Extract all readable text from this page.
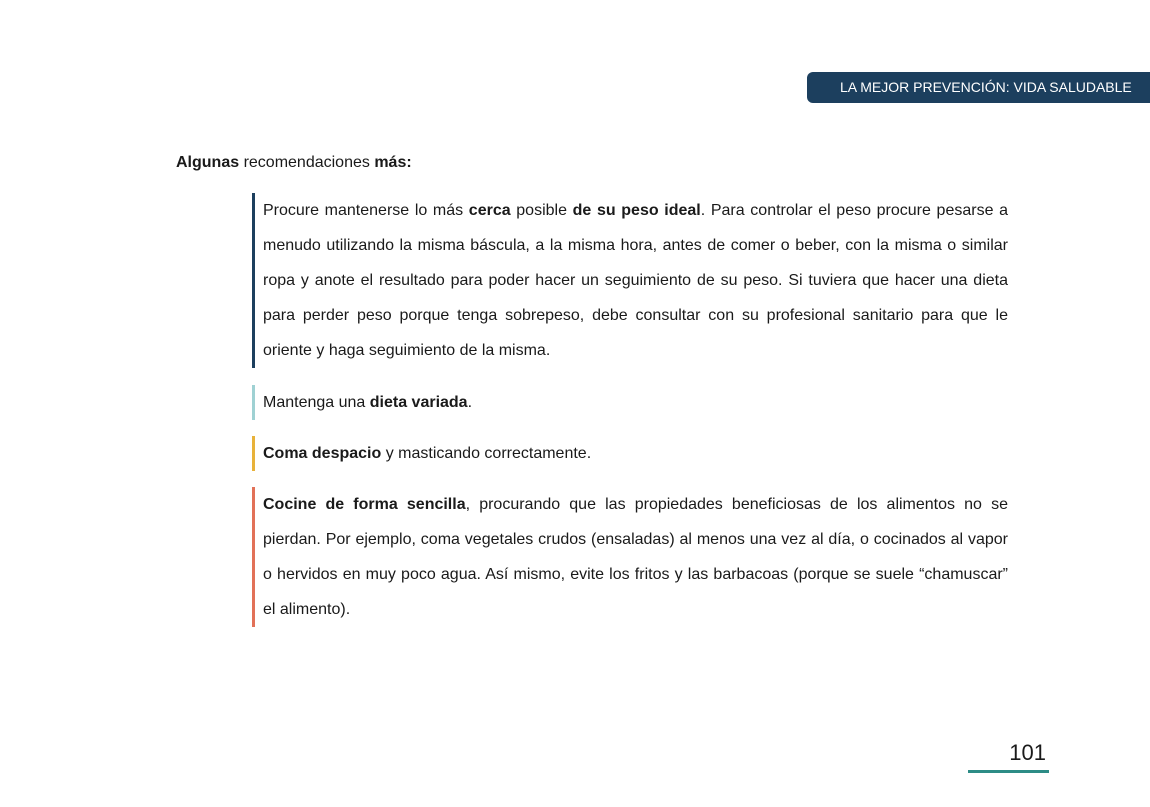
LA MEJOR PREVENCIÓN: VIDA SALUDABLE
Algunas recomendaciones más:

Procure mantenerse lo más cerca posible de su peso ideal. Para controlar el peso procure pesarse a menudo utilizando la misma báscula, a la misma hora, antes de comer o beber, con la misma o similar ropa y anote el resultado para poder hacer un seguimiento de su peso. Si tuviera que hacer una dieta para perder peso porque tenga sobrepeso, debe consultar con su profesional sanitario para que le oriente y haga seguimiento de la misma.

Mantenga una dieta variada.

Coma despacio y masticando correctamente.

Cocine de forma sencilla, procurando que las propiedades beneficiosas de los alimentos no se pierdan. Por ejemplo, coma vegetales crudos (ensaladas) al menos una vez al día, o cocinados al vapor o hervidos en muy poco agua. Así mismo, evite los fritos y las barbacoas (porque se suele “chamuscar” el alimento).

101
